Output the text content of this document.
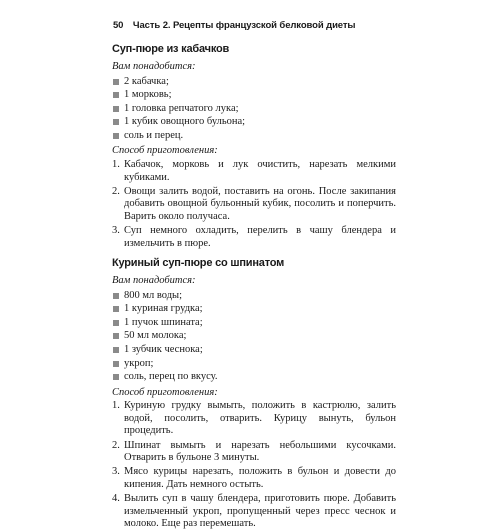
50 Часть 2. Рецепты французской белковой диеты
Суп-пюре из кабачков
Вам понадобится:
2 кабачка;
1 морковь;
1 головка репчатого лука;
1 кубик овощного бульона;
соль и перец.
Способ приготовления:
1. Кабачок, морковь и лук очистить, нарезать мелкими кубиками.
2. Овощи залить водой, поставить на огонь. После закипания добавить овощной бульонный кубик, посолить и поперчить. Варить около получаса.
3. Суп немного охладить, перелить в чашу блендера и измельчить в пюре.
Куриный суп-пюре со шпинатом
Вам понадобится:
800 мл воды;
1 куриная грудка;
1 пучок шпината;
50 мл молока;
1 зубчик чеснока;
укроп;
соль, перец по вкусу.
Способ приготовления:
1. Куриную грудку вымыть, положить в кастрюлю, залить водой, посолить, отварить. Курицу вынуть, бульон процедить.
2. Шпинат вымыть и нарезать небольшими кусочками. Отварить в бульоне 3 минуты.
3. Мясо курицы нарезать, положить в бульон и довести до кипения. Дать немного остыть.
4. Вылить суп в чашу блендера, приготовить пюре. Добавить измельченный укроп, пропущенный через пресс чеснок и молоко. Еще раз перемешать.
